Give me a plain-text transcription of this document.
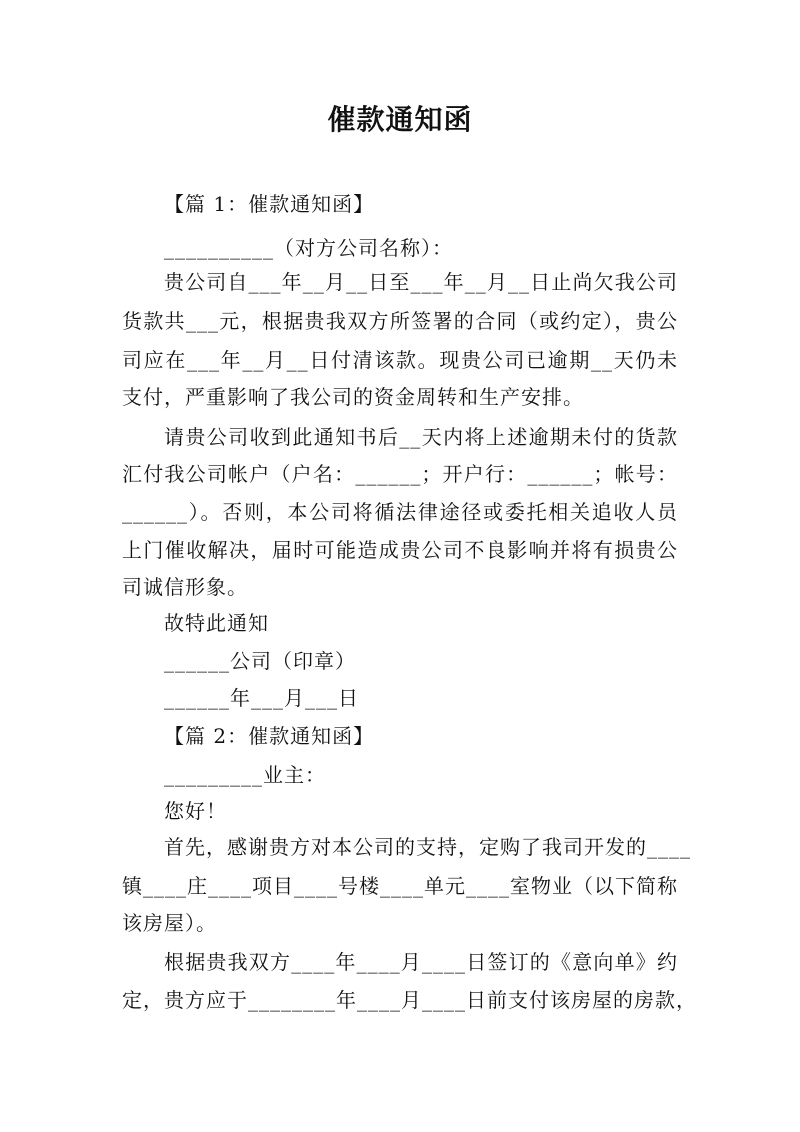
催款通知函
【篇 1：催款通知函】
__________（对方公司名称）：
贵公司自___年__月__日至___年__月__日止尚欠我公司
货款共___元，根据贵我双方所签署的合同（或约定），贵公
司应在___年__月__日付清该款。现贵公司已逾期__天仍未
支付，严重影响了我公司的资金周转和生产安排。
请贵公司收到此通知书后__天内将上述逾期未付的货款
汇付我公司帐户（户名：______；开户行：______；帐号：
______）。否则，本公司将循法律途径或委托相关追收人员
上门催收解决，届时可能造成贵公司不良影响并将有损贵公
司诚信形象。
故特此通知
______公司（印章）
______年___月___日
【篇 2：催款通知函】
_________业主：
您好！
首先，感谢贵方对本公司的支持，定购了我司开发的____
镇____庄____项目____号楼____单元____室物业（以下简称
该房屋）。
根据贵我双方____年____月____日签订的《意向单》约
定，贵方应于________年____月____日前支付该房屋的房款，
